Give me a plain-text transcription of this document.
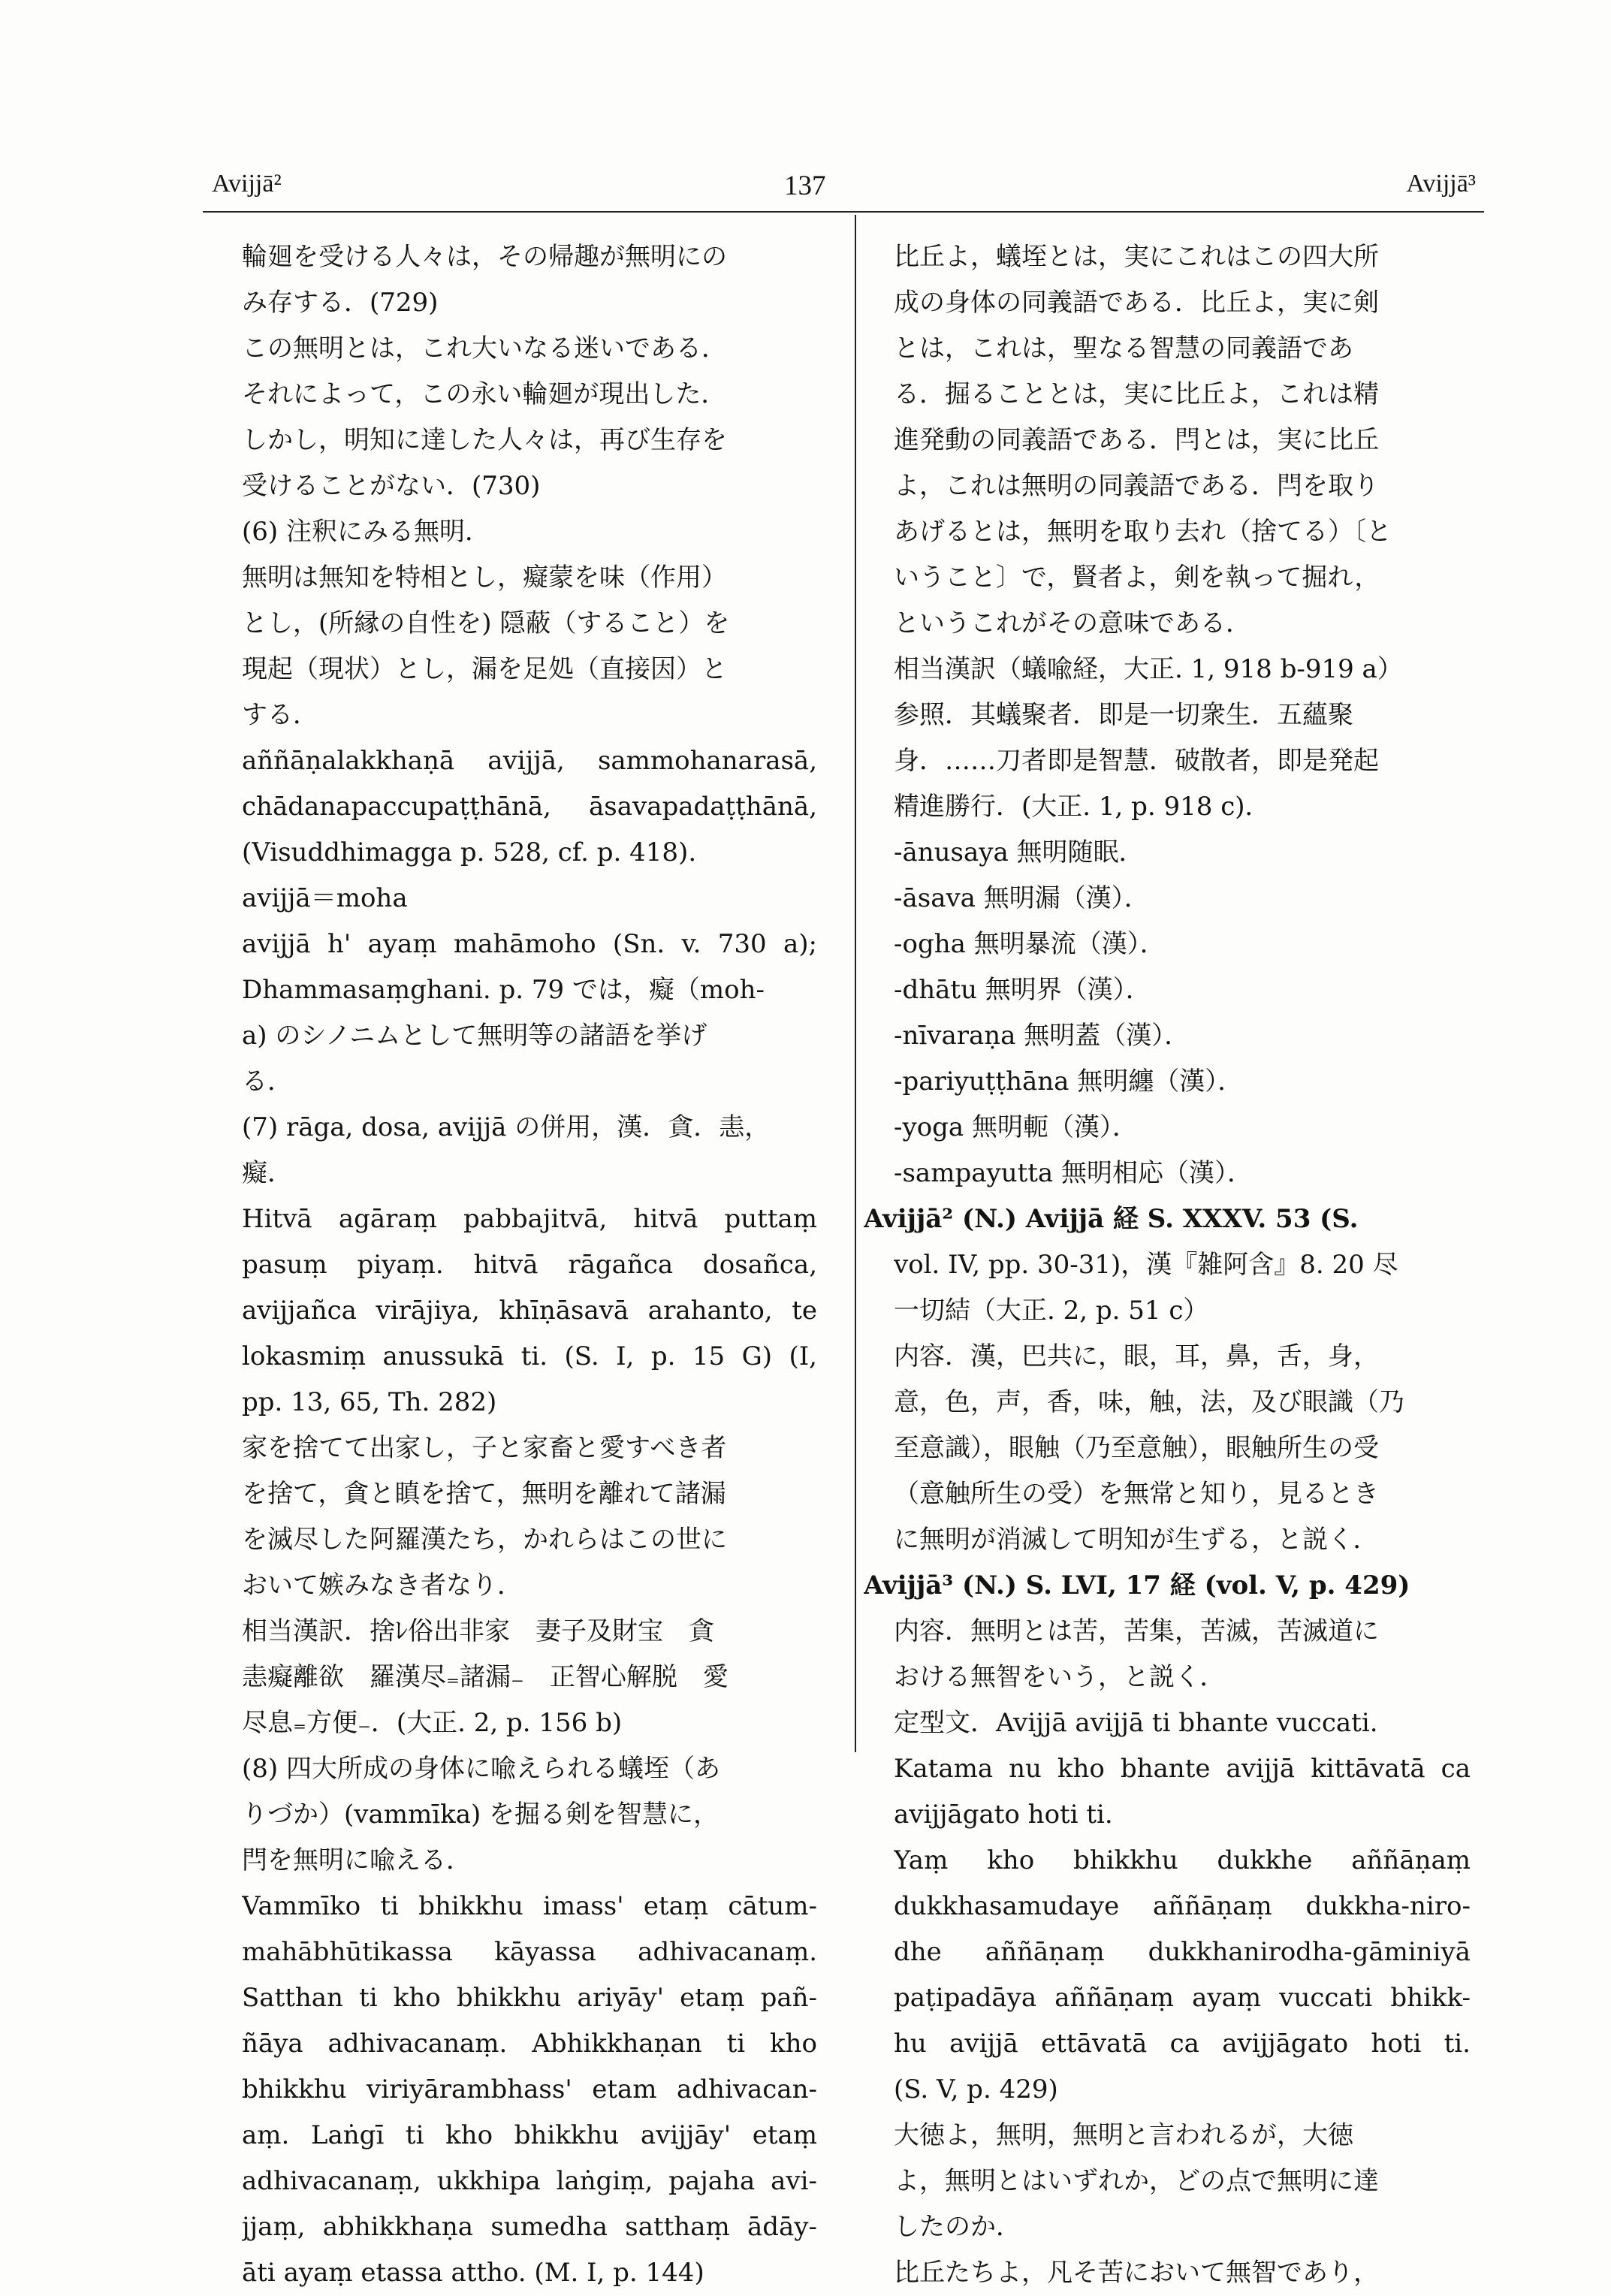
Avijjā²	137	Avijjā³
輪廻を受ける人々は，その帰趣が無明にの
み存する．(729)
この無明とは，これ大いなる迷いである．
それによって，この永い輪廻が現出した．
しかし，明知に達した人々は，再び生存を
受けることがない．(730)
(6) 注釈にみる無明．
無明は無知を特相とし，癡蒙を味（作用）
とし，(所縁の自性を) 隠蔽（すること）を
現起（現状）とし，漏を足処（直接因）と
する．
aññāṇalakkhaṇā avijjā, sammohanarasā,
chādanapaccupaṭṭhānā, āsavapadaṭṭhānā,
(Visuddhimagga p. 528, cf. p. 418).
avijjā＝moha
avijjā h' ayaṃ mahāmoho (Sn. v. 730 a);
Dhammasaṃghani. p. 79 では，癡（moh-
a) のシノニムとして無明等の諸語を挙げ
る．
(7) rāga, dosa, avijjā の併用，漢．貪．恚，
癡．
Hitvā agāraṃ pabbajitvā, hitvā puttaṃ
pasuṃ piyaṃ. hitvā rāgañca dosañca,
avijjañca virājiya, khīṇāsavā arahanto, te
lokasmiṃ anussukā ti. (S. I, p. 15 G) (I,
pp. 13, 65, Th. 282)
家を捨てて出家し，子と家畜と愛すべき者
を捨て，貪と瞋を捨て，無明を離れて諸漏
を滅尽した阿羅漢たち，かれらはこの世に
おいて嫉みなき者なり．
相当漢訳．捨ﾚ俗出非家　妻子及財宝　貪
恚癡離欲　羅漢尽₌諸漏₋　正智心解脱　愛
尽息₌方便₋．(大正. 2, p. 156 b)
(8) 四大所成の身体に喩えられる蟻垤（あ
りづか）(vammīka) を掘る剣を智慧に，
閂を無明に喩える．
Vammīko ti bhikkhu imass' etaṃ cātum-
mahābhūtikassa kāyassa adhivacanaṃ.
Satthan ti kho bhikkhu ariyāy' etaṃ pañ-
ñāya adhivacanaṃ. Abhikkhaṇan ti kho
bhikkhu viriyārambhass' etam adhivacan-
aṃ. Laṅgī ti kho bhikkhu avijjāy' etaṃ
adhivacanaṃ, ukkhipa laṅgiṃ, pajaha avi-
jjaṃ, abhikkhaṇa sumedha satthaṃ ādāy-
āti ayaṃ etassa attho. (M. I, p. 144)
比丘よ，蟻垤とは，実にこれはこの四大所
成の身体の同義語である．比丘よ，実に剣
とは，これは，聖なる智慧の同義語であ
る．掘ることとは，実に比丘よ，これは精
進発動の同義語である．閂とは，実に比丘
よ，これは無明の同義語である．閂を取り
あげるとは，無明を取り去れ（捨てる）〔と
いうこと〕で，賢者よ，剣を執って掘れ，
というこれがその意味である．
相当漢訳（蟻喩経，大正. 1, 918 b-919 a）
参照．其蟻聚者．即是一切衆生．五蘊聚
身．……刀者即是智慧．破散者，即是発起
精進勝行．(大正. 1, p. 918 c)．
-ānusaya 無明随眠．
-āsava 無明漏（漢）．
-ogha 無明暴流（漢）．
-dhātu 無明界（漢）．
-nīvaraṇa 無明蓋（漢）．
-pariyuṭṭhāna 無明纏（漢）．
-yoga 無明軛（漢）．
-sampayutta 無明相応（漢）．
Avijjā² (N.) Avijjā 経 S. XXXV. 53 (S.
vol. IV, pp. 30-31)，漢『雑阿含』8. 20 尽
一切結（大正. 2, p. 51 c）
内容．漢，巴共に，眼，耳，鼻，舌，身，
意，色，声，香，味，触，法，及び眼識（乃
至意識），眼触（乃至意触），眼触所生の受
（意触所生の受）を無常と知り，見るとき
に無明が消滅して明知が生ずる，と説く．
Avijjā³ (N.) S. LVI, 17 経 (vol. V, p. 429)
内容．無明とは苦，苦集，苦滅，苦滅道に
おける無智をいう，と説く．
定型文．Avijjā avijjā ti bhante vuccati.
Katama nu kho bhante avijjā kittāvatā ca
avijjāgato hoti ti.
Yaṃ kho bhikkhu dukkhe aññāṇaṃ
dukkhasamudaye aññāṇaṃ dukkha-niro-
dhe aññāṇaṃ dukkhanirodha-gāminiyā
paṭipadāya aññāṇaṃ ayaṃ vuccati bhikk-
hu avijjā ettāvatā ca avijjāgato hoti ti.
(S. V, p. 429)
大徳よ，無明，無明と言われるが，大徳
よ，無明とはいずれか，どの点で無明に達
したのか．
比丘たちよ，凡そ苦において無智であり，
